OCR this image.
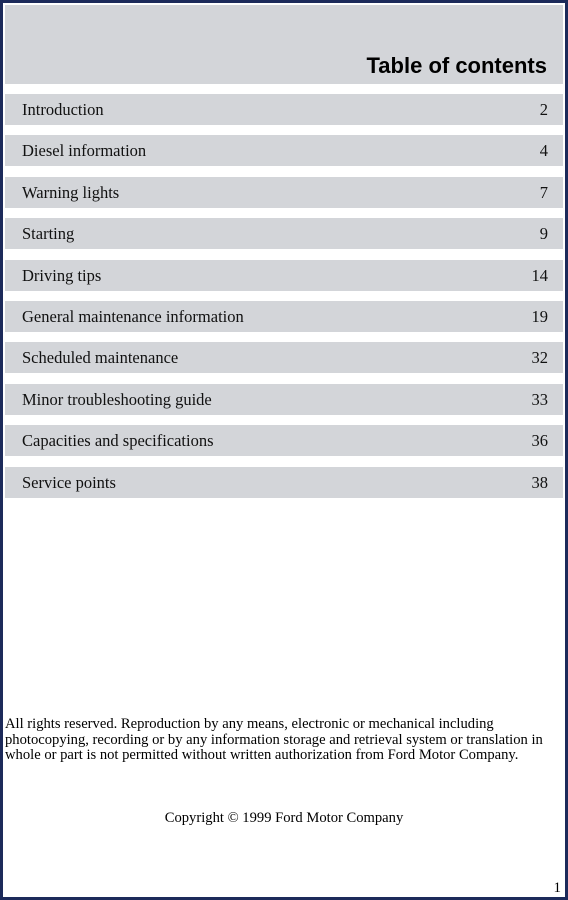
Table of contents
Introduction	2
Diesel information	4
Warning lights	7
Starting	9
Driving tips	14
General maintenance information	19
Scheduled maintenance	32
Minor troubleshooting guide	33
Capacities and specifications	36
Service points	38
All rights reserved. Reproduction by any means, electronic or mechanical including photocopying, recording or by any information storage and retrieval system or translation in whole or part is not permitted without written authorization from Ford Motor Company.
Copyright © 1999 Ford Motor Company
1
